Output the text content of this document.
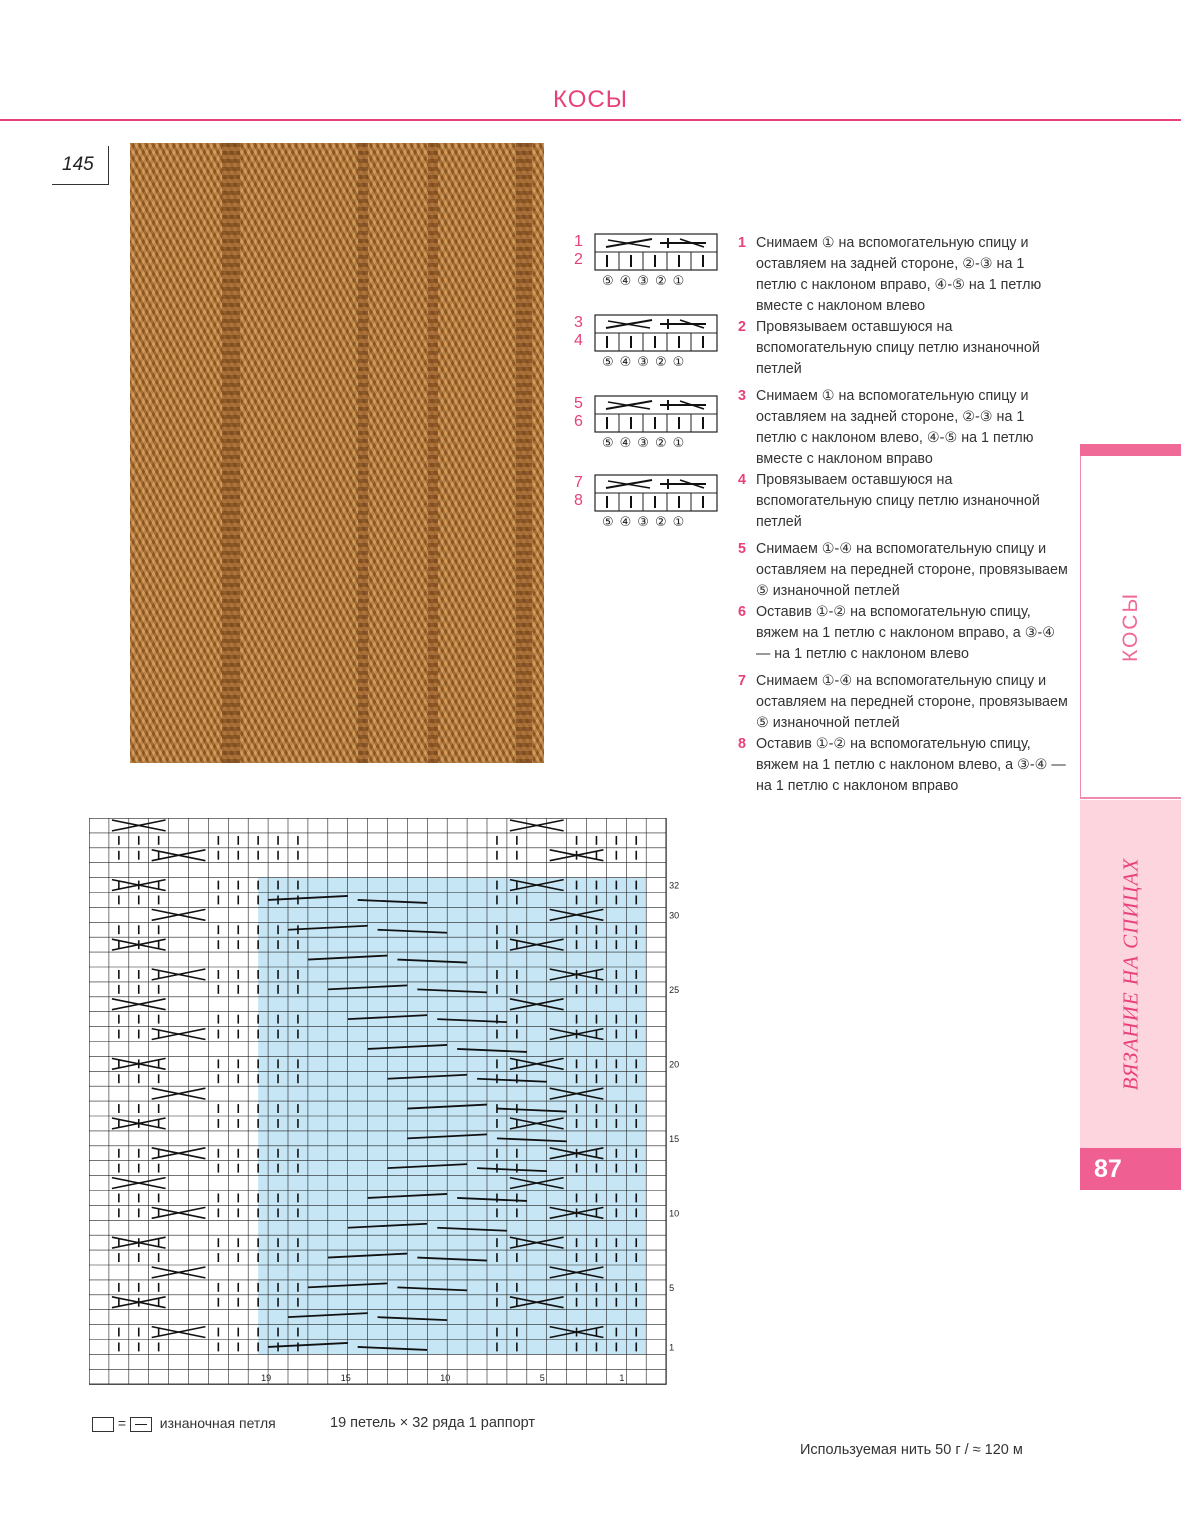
КОСЫ
145
1
2
⑤④③②①
3
4
⑤④③②①
5
6
⑤④③②①
7
8
⑤④③②①
1 Снимаем ① на вспомогательную спицу и оставляем на задней стороне, ②-③ на 1 петлю с наклоном вправо, ④-⑤ на 1 петлю вместе с наклоном влево
2 Провязываем оставшуюся на вспомогательную спицу петлю изнаночной петлей
3 Снимаем ① на вспомогательную спицу и оставляем на задней стороне, ②-③ на 1 петлю с наклоном влево, ④-⑤ на 1 петлю вместе с наклоном вправо
4 Провязываем оставшуюся на вспомогательную спицу петлю изнаночной петлей
5 Снимаем ①-④ на вспомогательную спицу и оставляем на передней стороне, провязываем ⑤ изнаночной петлей
6 Оставив ①-② на вспомогательную спицу, вяжем на 1 петлю с наклоном вправо, а ③-④ — на 1 петлю с наклоном влево
7 Снимаем ①-④ на вспомогательную спицу и оставляем на передней стороне, провязываем ⑤ изнаночной петлей
8 Оставив ①-② на вспомогательную спицу, вяжем на 1 петлю с наклоном влево, а ③-④ — на 1 петлю с наклоном вправо
КОСЫ
ВЯЗАНИЕ НА СПИЦАХ
87
32
30
25
20
15
10
5
1
19	15	10	5	1
= изнаночная петля	19 петель × 32 ряда 1 раппорт
Используемая нить 50 г / ≈ 120 м
